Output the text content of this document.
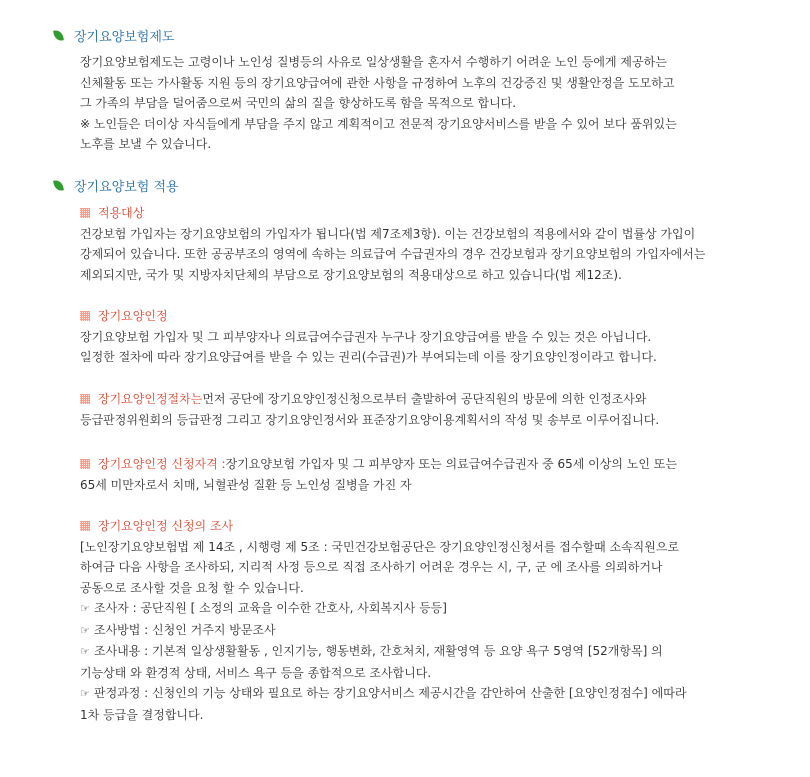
장기요양보험제도
장기요양보험제도는 고령이나 노인성 질병등의 사유로 일상생활을 혼자서 수행하기 어려운 노인 등에게 제공하는
신체활동 또는 가사활동 지원 등의 장기요양급여에 관한 사항을 규정하여 노후의 건강증진 및 생활안정을 도모하고
그 가족의 부담을 덜어줌으로써 국민의 삶의 질을 향상하도록 함을 목적으로 합니다.
※ 노인들은 더이상 자식들에게 부담을 주지 않고 계획적이고 전문적 장기요양서비스를 받을 수 있어 보다 품위있는
노후를 보낼 수 있습니다.
장기요양보험 적용
적용대상
건강보험 가입자는 장기요양보험의 가입자가 됩니다(법 제7조제3항). 이는 건강보험의 적용에서와 같이 법률상 가입이
강제되어 있습니다. 또한 공공부조의 영역에 속하는 의료급여 수급권자의 경우 건강보험과 장기요양보험의 가입자에서는
제외되지만, 국가 및 지방자치단체의 부담으로 장기요양보험의 적용대상으로 하고 있습니다(법 제12조).
장기요양인정
장기요양보험 가입자 및 그 피부양자나 의료급여수급권자 누구나 장기요양급여를 받을 수 있는 것은 아닙니다.
일정한 절차에 따라 장기요양급여를 받을 수 있는 권리(수급권)가 부여되는데 이를 장기요양인정이라고 합니다.
장기요양인정절차는 먼저 공단에 장기요양인정신청으로부터 출발하여 공단직원의 방문에 의한 인정조사와
등급판정위원회의 등급판정 그리고 장기요양인정서와 표준장기요양이용계획서의 작성 및 송부로 이루어집니다.
장기요양인정 신청자격 : 장기요양보험 가입자 및 그 피부양자 또는 의료급여수급권자 중 65세 이상의 노인 또는
65세 미만자로서 치매, 뇌혈관성 질환 등 노인성 질병을 가진 자
장기요양인정 신청의 조사
[노인장기요양보험법 제 14조 , 시행령 제 5조 : 국민건강보험공단은 장기요양인정신청서를 접수할때 소속직원으로
하여금 다음 사항을 조사하되, 지리적 사정 등으로 직접 조사하기 어려운 경우는 시, 구, 군 에 조사를 의뢰하거나
공동으로 조사할 것을 요청 할 수 있습니다.
☞ 조사자 : 공단직원 [ 소정의 교육을 이수한 간호사, 사회복지사 등등]
☞ 조사방법 : 신청인 거주지 방문조사
☞ 조사내용 : 기본적 일상생활활동 , 인지기능, 행동변화, 간호처치, 재활영역 등 요양 욕구 5영역 [52개항목] 의
기능상태 와 환경적 상태, 서비스 욕구 등을 종합적으로 조사합니다.
☞ 판정과정 : 신청인의 기능 상태와 필요로 하는 장기요양서비스 제공시간을 감안하여 산출한 [요양인정점수] 에따라
1차 등급을 결정합니다.
